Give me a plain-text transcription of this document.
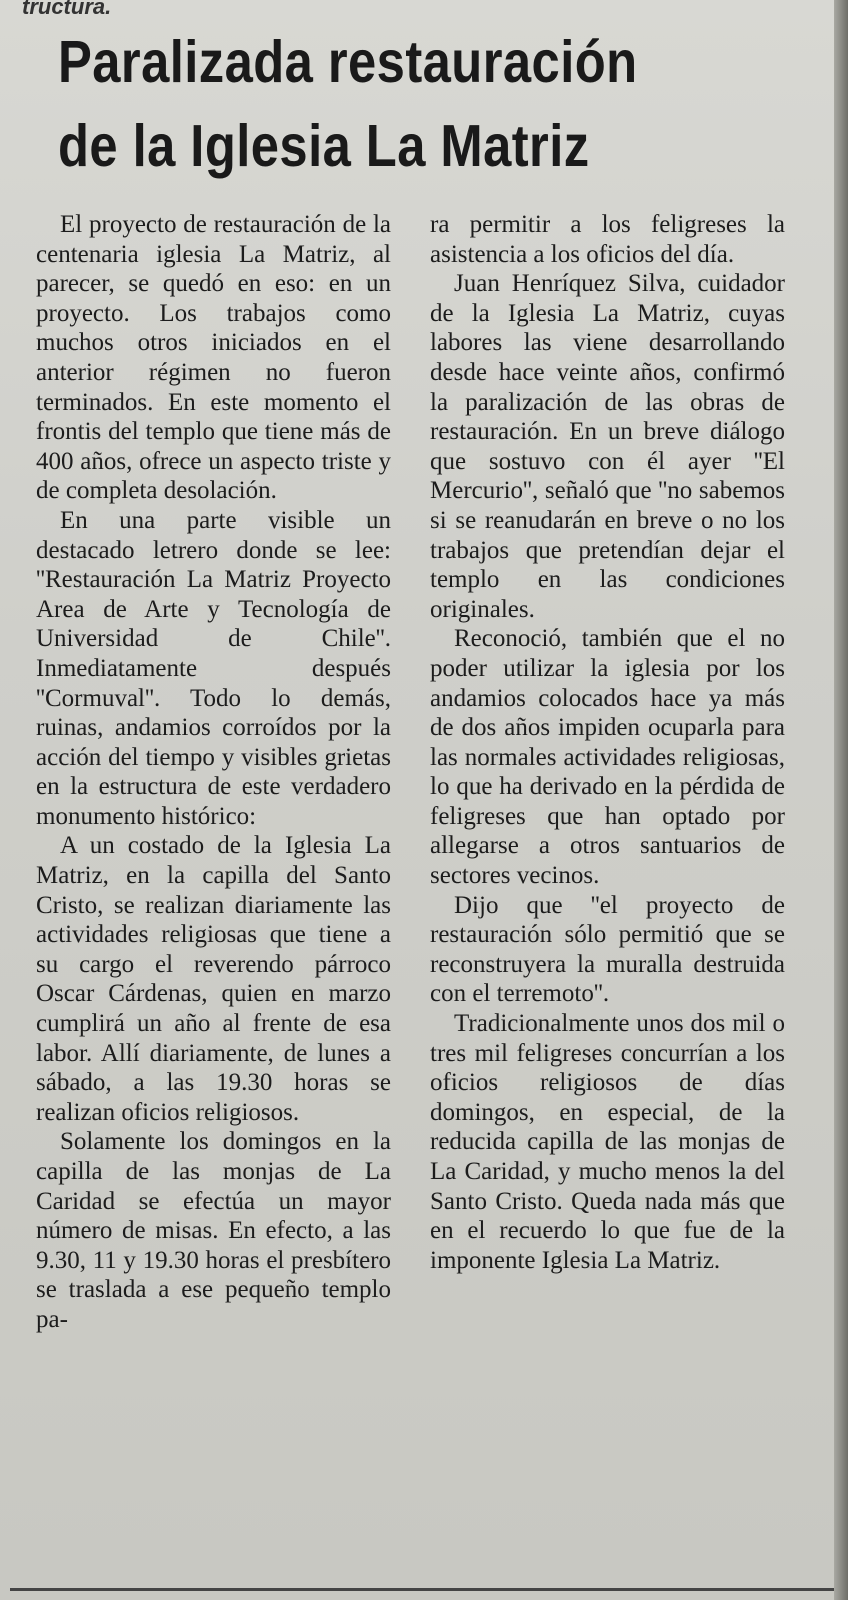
tructura.
Paralizada restauración
de la Iglesia La Matriz

El proyecto de restauración de la centenaria iglesia La Matriz, al parecer, se quedó en eso: en un proyecto. Los trabajos como muchos otros iniciados en el anterior régimen no fueron terminados. En este momento el frontis del templo que tiene más de 400 años, ofrece un aspecto triste y de completa desolación.

En una parte visible un destacado letrero donde se lee: ''Restauración La Matriz Proyecto Area de Arte y Tecnología de Universidad de Chile''. Inmediatamente después ''Cormuval''. Todo lo demás, ruinas, andamios corroídos por la acción del tiempo y visibles grietas en la estructura de este verdadero monumento histórico:

A un costado de la Iglesia La Matriz, en la capilla del Santo Cristo, se realizan diariamente las actividades religiosas que tiene a su cargo el reverendo párroco Oscar Cárdenas, quien en marzo cumplirá un año al frente de esa labor. Allí diariamente, de lunes a sábado, a las 19.30 horas se realizan oficios religiosos.

Solamente los domingos en la capilla de las monjas de La Caridad se efectúa un mayor número de misas. En efecto, a las 9.30, 11 y 19.30 horas el presbítero se traslada a ese pequeño templo pa-

ra permitir a los feligreses la asistencia a los oficios del día.

Juan Henríquez Silva, cuidador de la Iglesia La Matriz, cuyas labores las viene desarrollando desde hace veinte años, confirmó la paralización de las obras de restauración. En un breve diálogo que sostuvo con él ayer ''El Mercurio'', señaló que ''no sabemos si se reanudarán en breve o no los trabajos que pretendían dejar el templo en las condiciones originales.

Reconoció, también que el no poder utilizar la iglesia por los andamios colocados hace ya más de dos años impiden ocuparla para las normales actividades religiosas, lo que ha derivado en la pérdida de feligreses que han optado por allegarse a otros santuarios de sectores vecinos.

Dijo que ''el proyecto de restauración sólo permitió que se reconstruyera la muralla destruida con el terremoto''.

Tradicionalmente unos dos mil o tres mil feligreses concurrían a los oficios religiosos de días domingos, en especial, de la reducida capilla de las monjas de La Caridad, y mucho menos la del Santo Cristo. Queda nada más que en el recuerdo lo que fue de la imponente Iglesia La Matriz.
